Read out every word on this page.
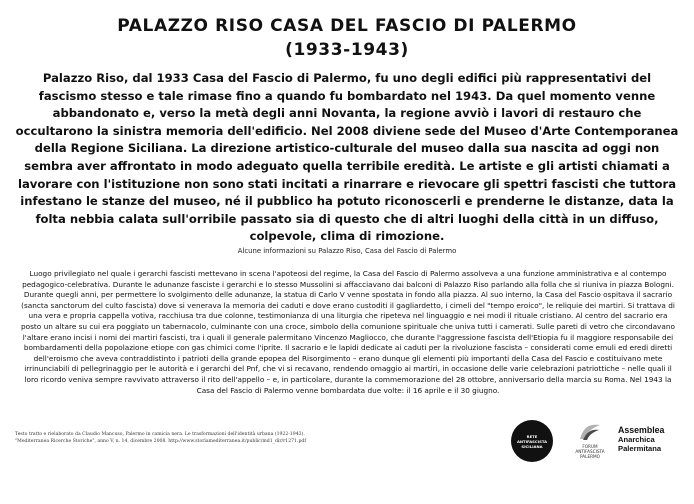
PALAZZO RISO CASA DEL FASCIO DI PALERMO
(1933-1943)

Palazzo Riso, dal 1933 Casa del Fascio di Palermo, fu uno degli edifici più rappresentativi del fascismo stesso e tale rimase fino a quando fu bombardato nel 1943. Da quel momento venne abbandonato e, verso la metà degli anni Novanta, la regione avviò i lavori di restauro che occultarono la sinistra memoria dell'edificio. Nel 2008 diviene sede del Museo d'Arte Contemporanea della Regione Siciliana. La direzione artistico-culturale del museo dalla sua nascita ad oggi non sembra aver affrontato in modo adeguato quella terribile eredità. Le artiste e gli artisti chiamati a lavorare con l'istituzione non sono stati incitati a rinarrare e rievocare gli spettri fascisti che tuttora infestano le stanze del museo, né il pubblico ha potuto riconoscerli e prenderne le distanze, data la folta nebbia calata sull'orribile passato sia di questo che di altri luoghi della città in un diffuso, colpevole, clima di rimozione.

Alcune informazioni su Palazzo Riso, Casa del Fascio di Palermo

Luogo privilegiato nel quale i gerarchi fascisti mettevano in scena l'apoteosi del regime, la Casa del Fascio di Palermo assolveva a una funzione amministrativa e al contempo pedagogico-celebrativa. Durante le adunanze fasciste i gerarchi e lo stesso Mussolini si affacciavano dai balconi di Palazzo Riso parlando alla folla che si riuniva in piazza Bologni. Durante quegli anni, per permettere lo svolgimento delle adunanze, la statua di Carlo V venne spostata in fondo alla piazza. Al suo interno, la Casa del Fascio ospitava il sacrario (sancta sanctorum del culto fascista) dove si venerava la memoria dei caduti e dove erano custoditi il gagliardetto, i cimeli del "tempo eroico", le reliquie dei martiri. Si trattava di una vera e propria cappella votiva, racchiusa tra due colonne, testimonianza di una liturgia che ripeteva nel linguaggio e nei modi il rituale cristiano. Al centro del sacrario era posto un altare su cui era poggiato un tabernacolo, culminante con una croce, simbolo della comunione spirituale che univa tutti i camerati. Sulle pareti di vetro che circondavano l'altare erano incisi i nomi dei martiri fascisti, tra i quali il generale palermitano Vincenzo Magliocco, che durante l'aggressione fascista dell'Etiopia fu il maggiore responsabile dei bombardamenti della popolazione etiope con gas chimici come l'iprite. Il sacrario e le lapidi dedicate ai caduti per la rivoluzione fascista – considerati come emuli ed eredi diretti dell'eroismo che aveva contraddistinto i patrioti della grande epopea del Risorgimento – erano dunque gli elementi più importanti della Casa del Fascio e costituivano mete irrinunciabili di pellegrinaggio per le autorità e i gerarchi del Pnf, che vi si recavano, rendendo omaggio ai martiri, in occasione delle varie celebrazioni patriottiche – nelle quali il loro ricordo veniva sempre ravvivato attraverso il rito dell'appello – e, in particolare, durante la commemorazione del 28 ottobre, anniversario della marcia su Roma. Nel 1943 la Casa del Fascio di Palermo venne bombardata due volte: il 16 aprile e il 30 giugno.

Testo tratto e rielaborato da Claudio Mancuso, Palermo in camicia nera. Le trasformazioni dell'identità urbana (1922-1943).
"Mediterranea Ricerche Storiche", anno V, n. 14, dicembre 2008. http://www.storiamediterranea.it/public/md1_dir/r1271.pdf
RETE
ANTIFASCISTA
SICILIANA	FORUM
ANTIFASCISTA
PALERMO
Assemblea
Anarchica
Palermitana
